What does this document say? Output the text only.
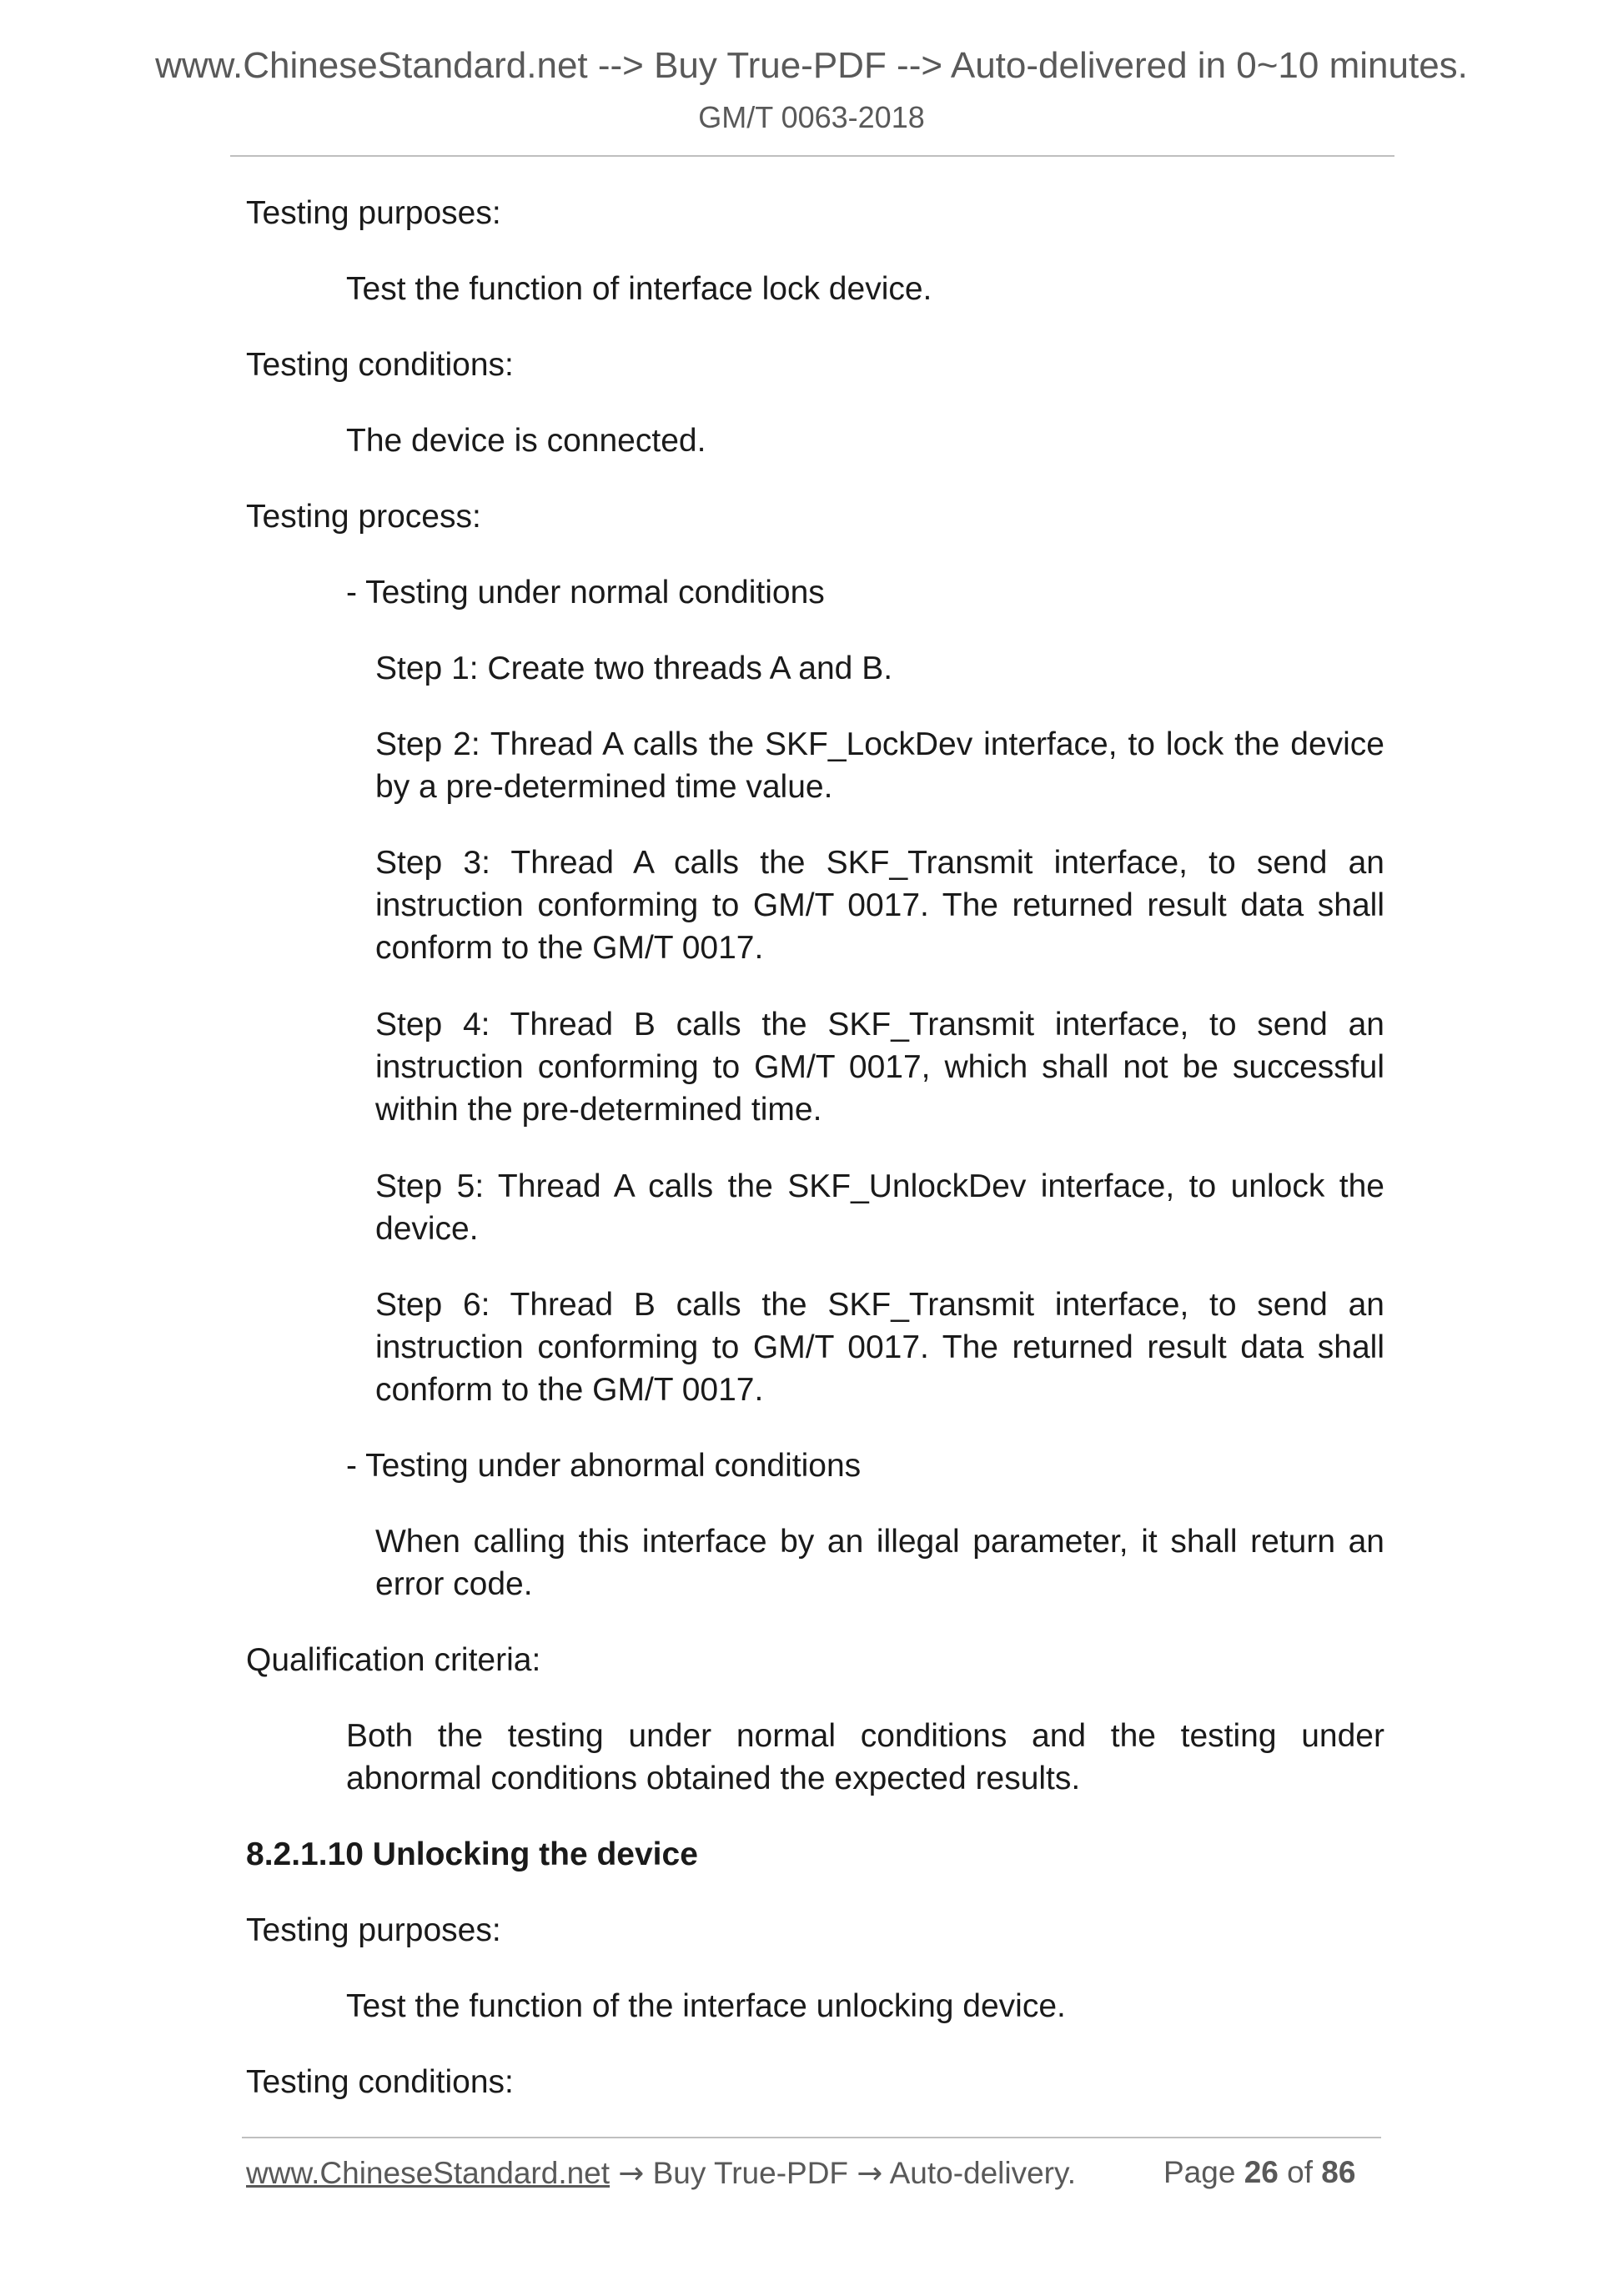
www.ChineseStandard.net --> Buy True-PDF --> Auto-delivered in 0~10 minutes.
GM/T 0063-2018

Testing purposes:

Test the function of interface lock device.

Testing conditions:

The device is connected.

Testing process:

- Testing under normal conditions

Step 1: Create two threads A and B.

Step 2: Thread A calls the SKF_LockDev interface, to lock the device by a pre-determined time value.

Step 3: Thread A calls the SKF_Transmit interface, to send an instruction conforming to GM/T 0017. The returned result data shall conform to the GM/T 0017.

Step 4: Thread B calls the SKF_Transmit interface, to send an instruction conforming to GM/T 0017, which shall not be successful within the pre-determined time.

Step 5: Thread A calls the SKF_UnlockDev interface, to unlock the device.

Step 6: Thread B calls the SKF_Transmit interface, to send an instruction conforming to GM/T 0017. The returned result data shall conform to the GM/T 0017.

- Testing under abnormal conditions

When calling this interface by an illegal parameter, it shall return an error code.

Qualification criteria:

Both the testing under normal conditions and the testing under abnormal conditions obtained the expected results.

8.2.1.10 Unlocking the device

Testing purposes:

Test the function of the interface unlocking device.

Testing conditions:

www.ChineseStandard.net → Buy True-PDF → Auto-delivery.	Page 26 of 86
